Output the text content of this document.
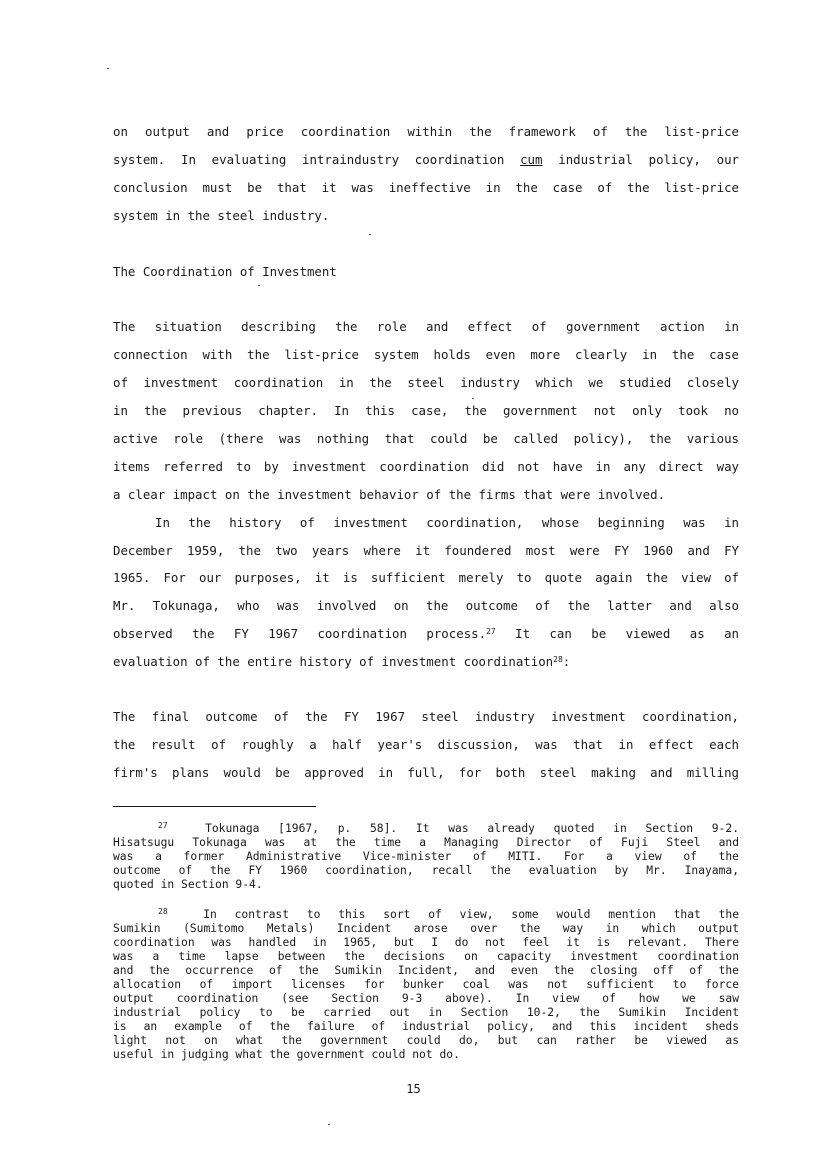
on output and price coordination within the framework of the list-price
system. In evaluating intraindustry coordination cum industrial policy, our
conclusion must be that it was ineffective in the case of the list-price
system in the steel industry.
The Coordination of Investment
The situation describing the role and effect of government action in
connection with the list-price system holds even more clearly in the case
of investment coordination in the steel industry which we studied closely
in the previous chapter. In this case, the government not only took no
active role (there was nothing that could be called policy), the various
items referred to by investment coordination did not have in any direct way
a clear impact on the investment behavior of the firms that were involved.
In the history of investment coordination, whose beginning was in
December 1959, the two years where it foundered most were FY 1960 and FY
1965. For our purposes, it is sufficient merely to quote again the view of
Mr. Tokunaga, who was involved on the outcome of the latter and also
observed the FY 1967 coordination process.$^{27}$ It can be viewed as an
evaluation of the entire history of investment coordination$^{28}$:
The final outcome of the FY 1967 steel industry investment coordination,
the result of roughly a half year's discussion, was that in effect each
firm's plans would be approved in full, for both steel making and milling
$^{27}$	Tokunaga [1967, p. 58]. It was already quoted in Section 9-2.
Hisatsugu Tokunaga was at the time a Managing Director of Fuji Steel and
was a former Administrative Vice-minister of MITI. For a view of the
outcome of the FY 1960 coordination, recall the evaluation by Mr. Inayama,
quoted in Section 9-4.
$^{28}$	In contrast to this sort of view, some would mention that the
Sumikin (Sumitomo Metals) Incident arose over the way in which output
coordination was handled in 1965, but I do not feel it is relevant. There
was a time lapse between the decisions on capacity investment coordination
and the occurrence of the Sumikin Incident, and even the closing off of the
allocation of import licenses for bunker coal was not sufficient to force
output coordination (see Section 9-3 above). In view of how we saw
industrial policy to be carried out in Section 10-2, the Sumikin Incident
is an example of the failure of industrial policy, and this incident sheds
light not on what the government could do, but can rather be viewed as
useful in judging what the government could not do.
15
